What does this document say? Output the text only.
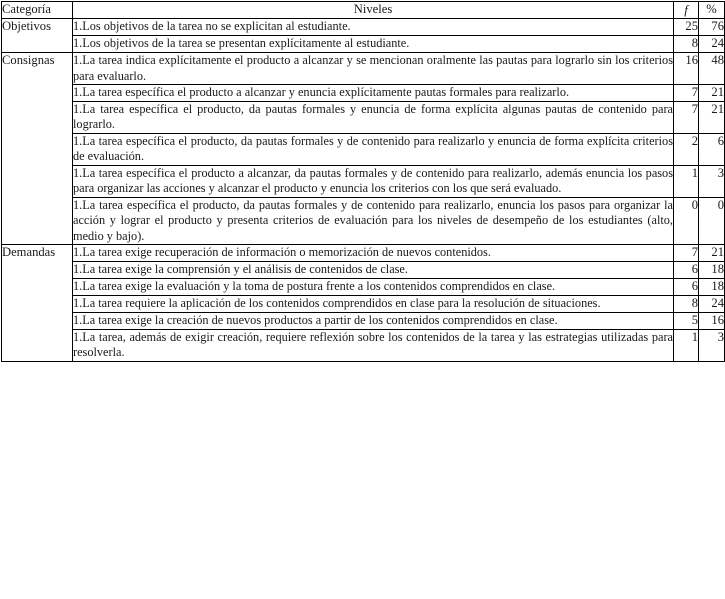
Categoría	Niveles	f	%
Objetivos	1.Los objetivos de la tarea no se explicitan al estudiante.	25	76
	1.Los objetivos de la tarea se presentan explícitamente al estudiante.	8	24
Consignas	1.La tarea indica explícitamente el producto a alcanzar y se mencionan oralmente las pautas para lograrlo sin los criterios para evaluarlo.	16	48
	1.La tarea específica el producto a alcanzar y enuncia explícitamente pautas formales para realizarlo.	7	21
	1.La tarea específica el producto, da pautas formales y enuncia de forma explícita algunas pautas de contenido para lograrlo.	7	21
	1.La tarea específica el producto, da pautas formales y de contenido para realizarlo y enuncia de forma explícita criterios de evaluación.	2	6
	1.La tarea específica el producto a alcanzar, da pautas formales y de contenido para realizarlo, además enuncia los pasos para organizar las acciones y alcanzar el producto y enuncia los criterios con los que será evaluado.	1	3
	1.La tarea específica el producto, da pautas formales y de contenido para realizarlo, enuncia los pasos para organizar la acción y lograr el producto y presenta criterios de evaluación para los niveles de desempeño de los estudiantes (alto, medio y bajo).	0	0
Demandas	1.La tarea exige recuperación de información o memorización de nuevos contenidos.	7	21
	1.La tarea exige la comprensión y el análisis de contenidos de clase.	6	18
	1.La tarea exige la evaluación y la toma de postura frente a los contenidos comprendidos en clase.	6	18
	1.La tarea requiere la aplicación de los contenidos comprendidos en clase para la resolución de situaciones.	8	24
	1.La tarea exige la creación de nuevos productos a partir de los contenidos comprendidos en clase.	5	16
	1.La tarea, además de exigir creación, requiere reflexión sobre los contenidos de la tarea y las estrategias utilizadas para resolverla.	1	3
